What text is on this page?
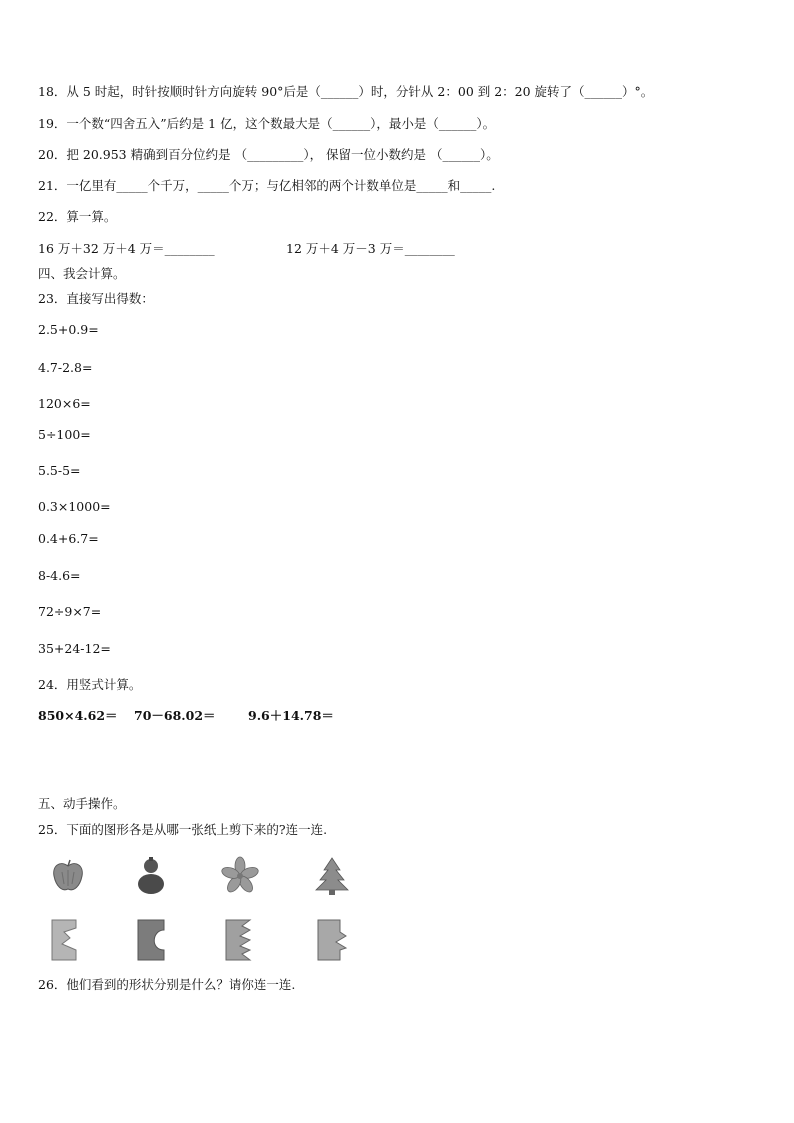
18．从 5 时起，时针按顺时针方向旋转 90°后是（______）时，分针从 2：00 到 2：20 旋转了（______）°。
19．一个数“四舍五入”后约是 1 亿，这个数最大是（______），最小是（______）。
20．把 20.953 精确到百分位约是 （_________）， 保留一位小数约是 （______）。
21．一亿里有_____个千万，_____个万；与亿相邻的两个计数单位是_____和_____.
22．算一算。
16 万＋32 万＋4 万＝________	12 万＋4 万－3 万＝________
四、我会计算。
23．直接写出得数：
2.5+0.9=
4.7-2.8=
120×6=
5÷100=
5.5-5=
0.3×1000=
0.4+6.7=
8-4.6=
72÷9×7=
35+24-12=
24．用竖式计算。
850×4.62＝ 70－68.02＝	9.6＋14.78＝
五、动手操作。
25．下面的图形各是从哪一张纸上剪下来的?连一连.
26．他们看到的形状分别是什么？请你连一连.
